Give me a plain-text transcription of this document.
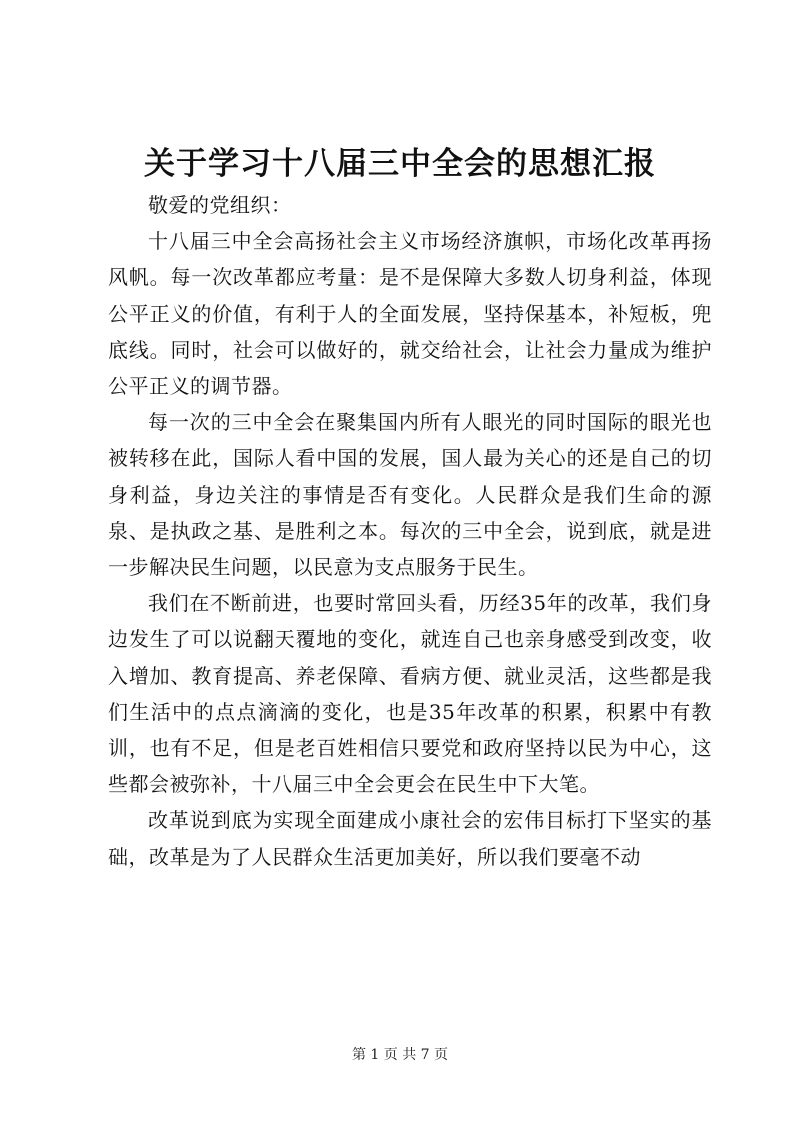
关于学习十八届三中全会的思想汇报

敬爱的党组织：

十八届三中全会高扬社会主义市场经济旗帜，市场化改革再扬风帆。每一次改革都应考量：是不是保障大多数人切身利益，体现公平正义的价值，有利于人的全面发展，坚持保基本，补短板，兜底线。同时，社会可以做好的，就交给社会，让社会力量成为维护公平正义的调节器。

每一次的三中全会在聚集国内所有人眼光的同时国际的眼光也被转移在此，国际人看中国的发展，国人最为关心的还是自己的切身利益，身边关注的事情是否有变化。人民群众是我们生命的源泉、是执政之基、是胜利之本。每次的三中全会，说到底，就是进一步解决民生问题，以民意为支点服务于民生。

我们在不断前进，也要时常回头看，历经35年的改革，我们身边发生了可以说翻天覆地的变化，就连自己也亲身感受到改变，收入增加、教育提高、养老保障、看病方便、就业灵活，这些都是我们生活中的点点滴滴的变化，也是35年改革的积累，积累中有教训，也有不足，但是老百姓相信只要党和政府坚持以民为中心，这些都会被弥补，十八届三中全会更会在民生中下大笔。

改革说到底为实现全面建成小康社会的宏伟目标打下坚实的基础，改革是为了人民群众生活更加美好，所以我们要毫不动

第 1 页 共 7 页
